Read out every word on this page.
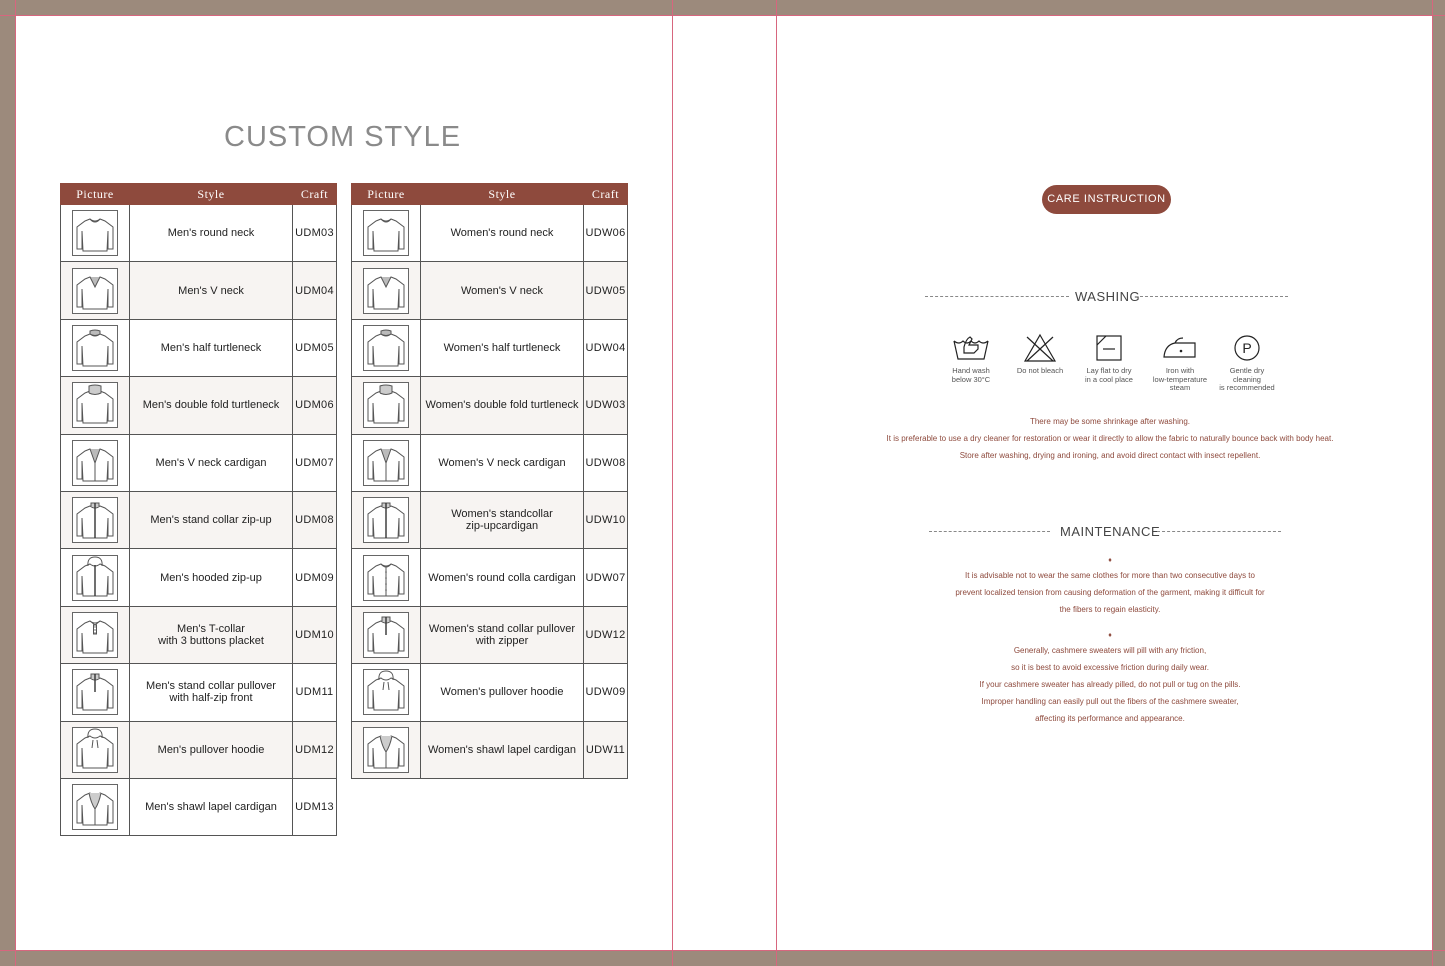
CUSTOM STYLE
Picture	Style	Craft

	Men's round neck	UDM03

	Men's V neck	UDM04

	Men's half turtleneck	UDM05

	Men's double fold turtleneck	UDM06

	Men's V neck cardigan	UDM07

	Men's stand collar zip-up	UDM08

	Men's hooded zip-up	UDM09

	Men's T-collar
with 3 buttons placket	UDM10

	Men's stand collar pullover
with half-zip front	UDM11

	Men's pullover hoodie	UDM12

	Men's shawl lapel cardigan	UDM13
Picture	Style	Craft

	Women's round neck	UDW06

	Women's V neck	UDW05

	Women's half turtleneck	UDW04

	Women's double fold turtleneck	UDW03

	Women's V neck cardigan	UDW08

	Women's standcollar
zip-upcardigan	UDW10

	Women's round colla cardigan	UDW07

	Women's stand collar pullover
with zipper	UDW12

	Women's pullover hoodie	UDW09

	Women's shawl lapel cardigan	UDW11
CARE INSTRUCTION
WASHING
Hand wash
below 30°C
Do not bleach	Lay flat to dry
in a cool place
Iron with
low-temperature
steam
P
Gentle dry
cleaning
is recommended
There may be some shrinkage after washing.
It is preferable to use a dry cleaner for restoration or wear it directly to allow the fabric to naturally bounce back with body heat.
Store after washing, drying and ironing, and avoid direct contact with insect repellent.
MAINTENANCE
♦
It is advisable not to wear the same clothes for more than two consecutive days to
prevent localized tension from causing deformation of the garment, making it difficult for
the fibers to regain elasticity.
♦
Generally, cashmere sweaters will pill with any friction,
so it is best to avoid excessive friction during daily wear.
If your cashmere sweater has already pilled, do not pull or tug on the pills.
Improper handling can easily pull out the fibers of the cashmere sweater,
affecting its performance and appearance.
